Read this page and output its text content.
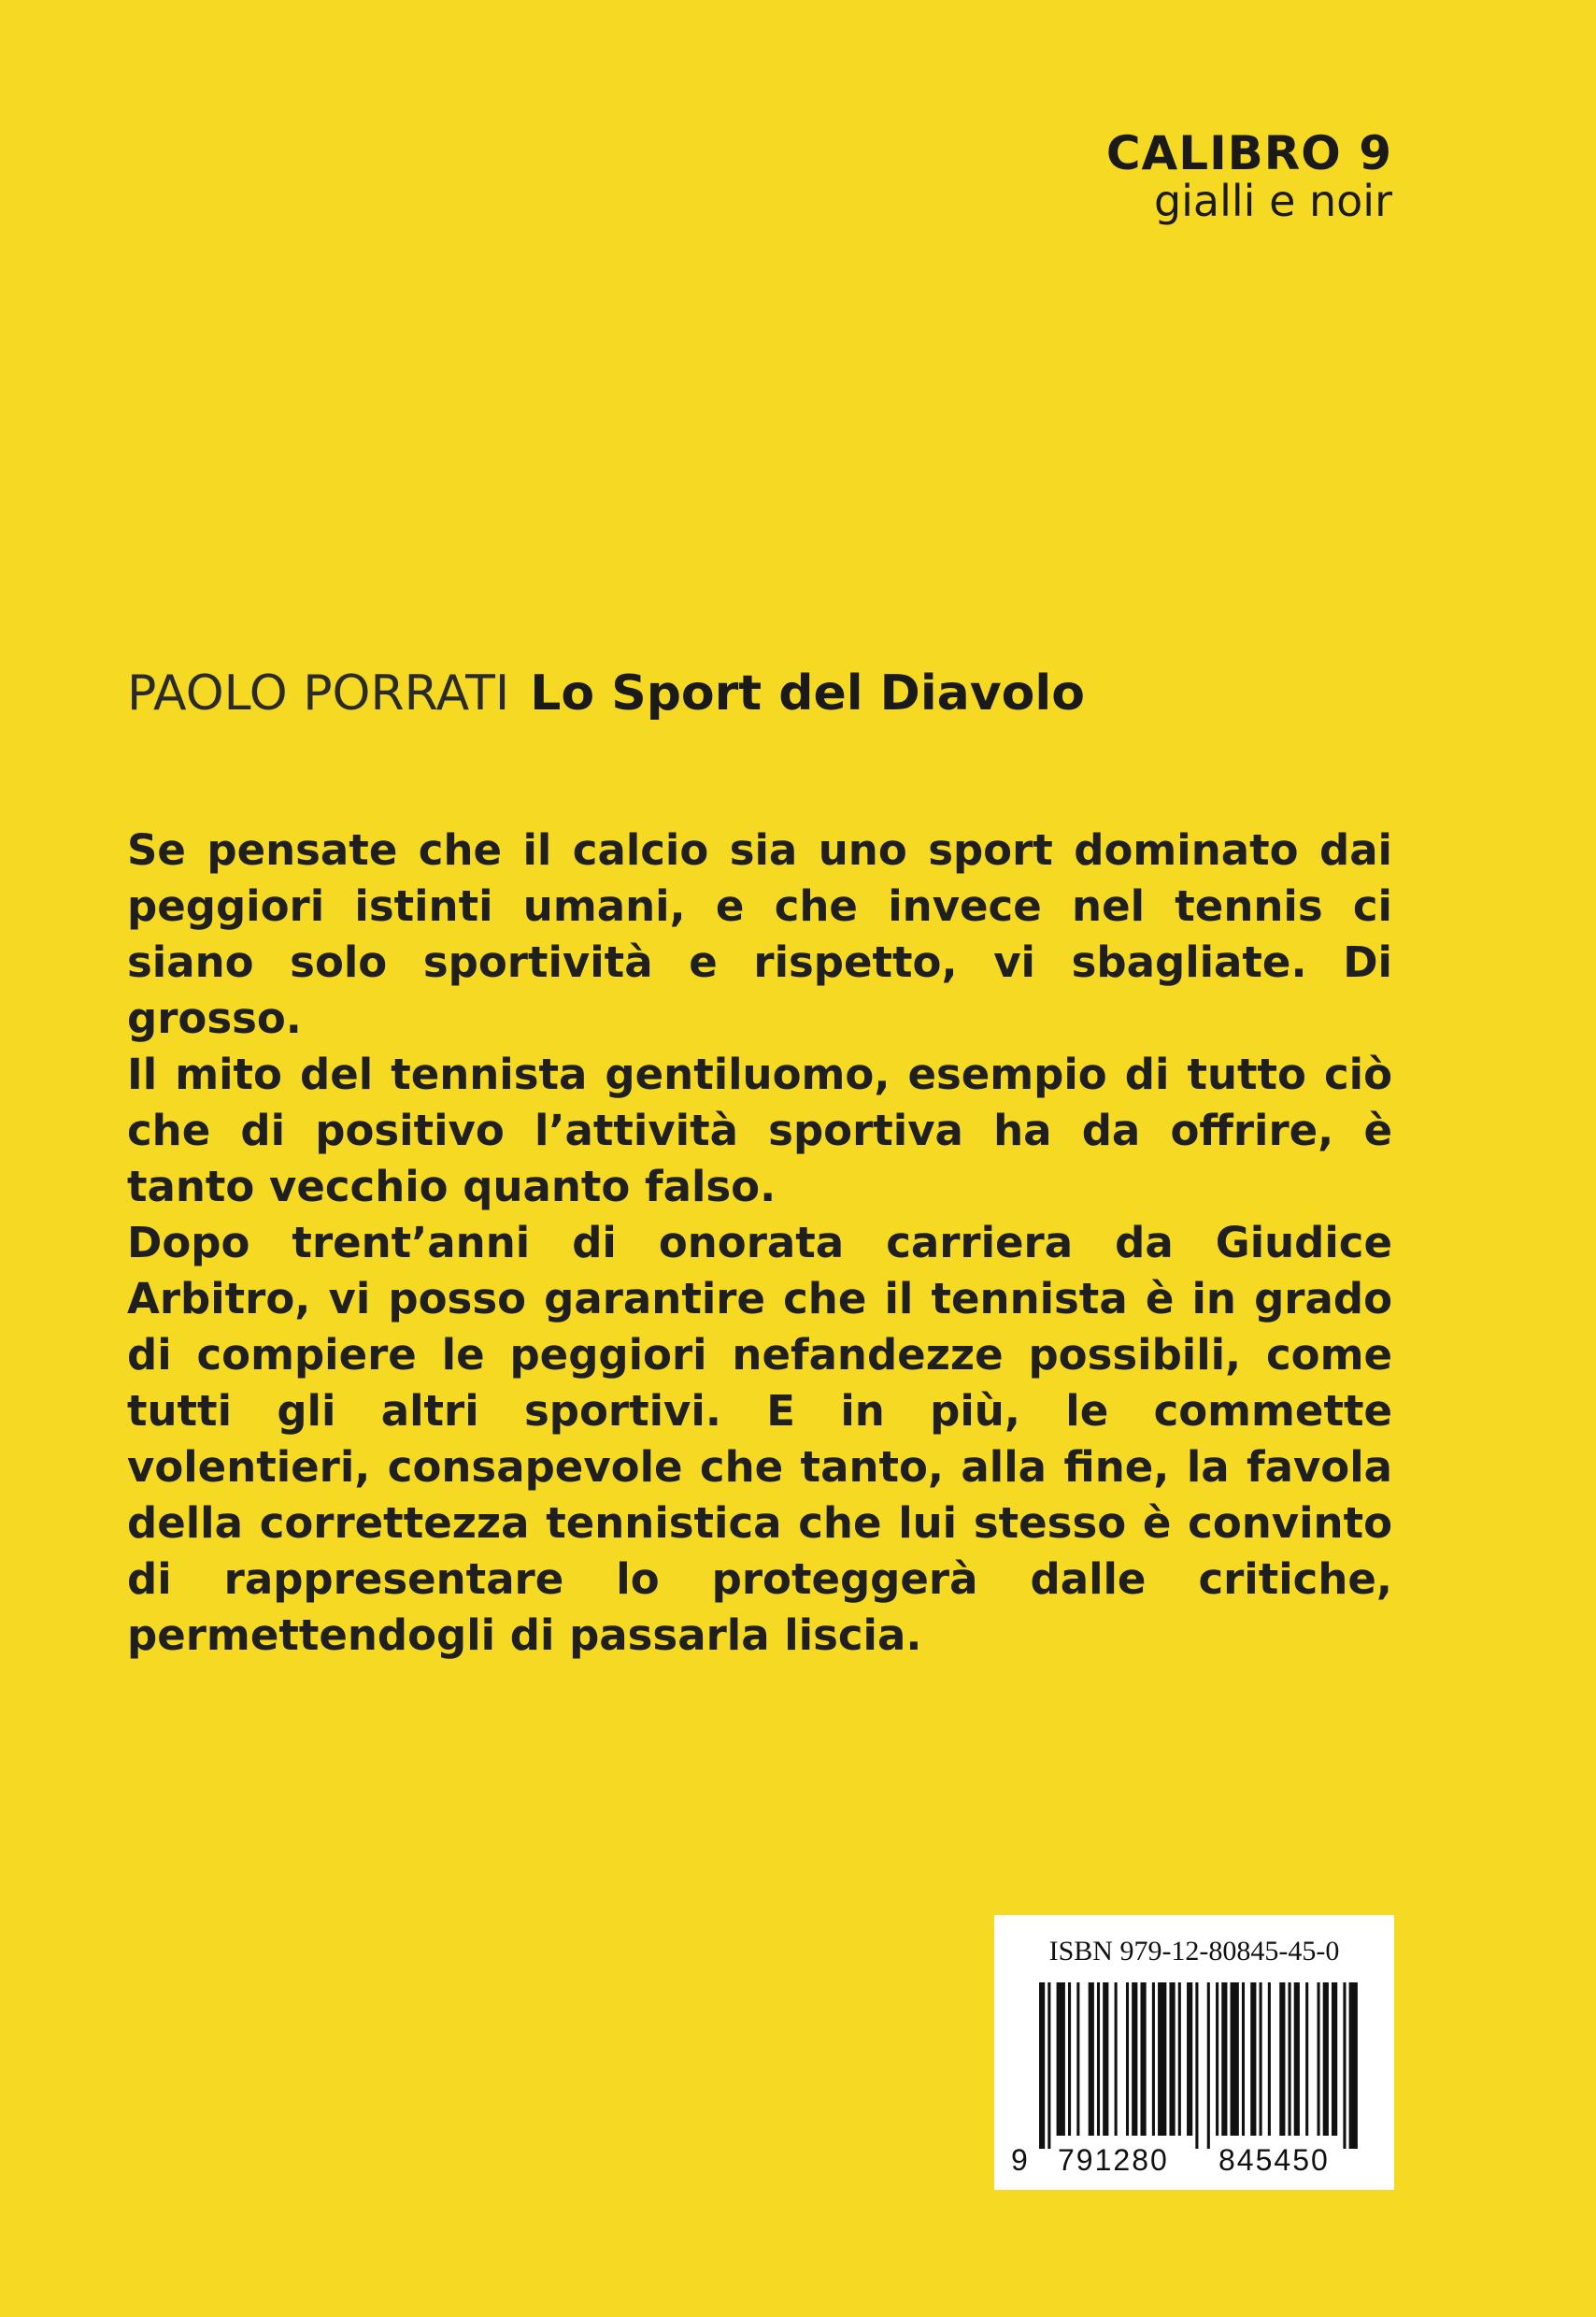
CALIBRO 9
gialli e noir
PAOLO PORRATI Lo Sport del Diavolo

Se pensate che il calcio sia uno sport dominato dai peggiori istinti umani, e che invece nel tennis ci siano solo sportività e rispetto, vi sbagliate. Di grosso.

Il mito del tennista gentiluomo, esempio di tutto ciò che di positivo l’attività sportiva ha da offrire, è tanto vecchio quanto falso.

Dopo trent’anni di onorata carriera da Giudice Arbitro, vi posso garantire che il tennista è in grado di compiere le peggiori nefandezze possibili, come tutti gli altri sportivi. E in più, le commette volentieri, consapevole che tanto, alla fine, la favola della correttezza tennistica che lui stesso è convinto di rappresentare lo proteggerà dalle critiche, permettendogli di passarla liscia.

ISBN 979-12-80845-45-0
9 791280 845450
